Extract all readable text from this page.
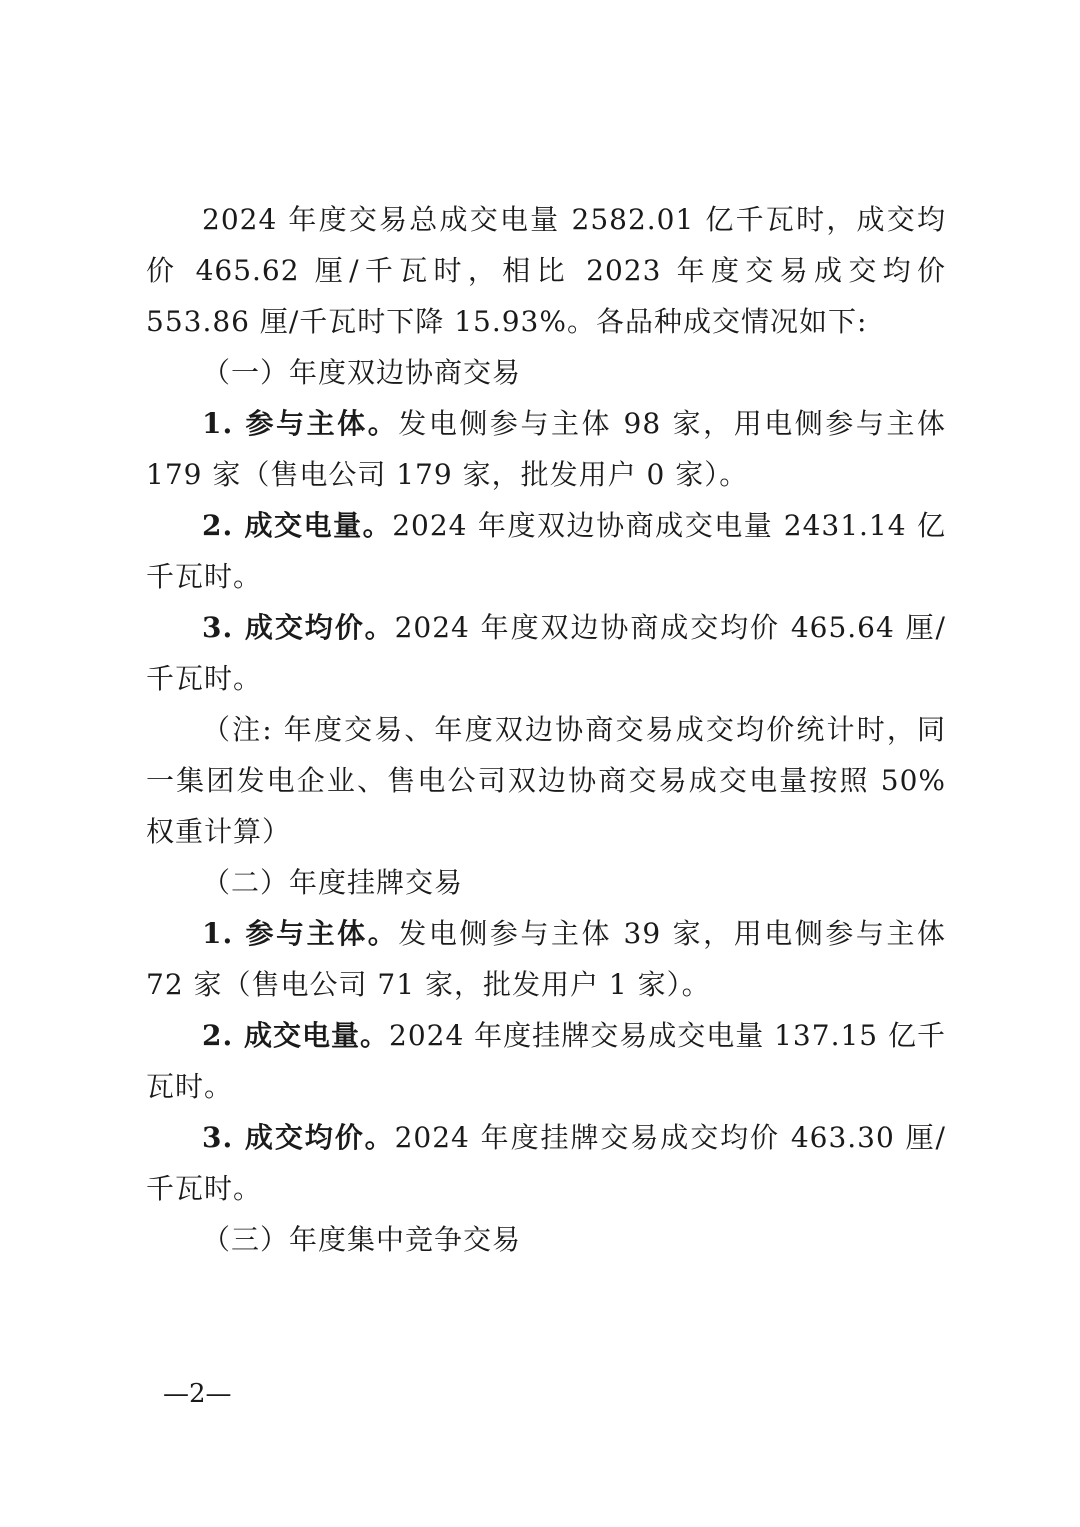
2024 年度交易总成交电量 2582.01 亿千瓦时，成交均价 465.62 厘/千瓦时，相比 2023 年度交易成交均价 553.86 厘/千瓦时下降 15.93%。各品种成交情况如下:

（一）年度双边协商交易

1. 参与主体。发电侧参与主体 98 家，用电侧参与主体 179 家（售电公司 179 家，批发用户 0 家）。

2. 成交电量。2024 年度双边协商成交电量 2431.14 亿千瓦时。

3. 成交均价。2024 年度双边协商成交均价 465.64 厘/千瓦时。

（注: 年度交易、年度双边协商交易成交均价统计时，同一集团发电企业、售电公司双边协商交易成交电量按照 50%权重计算）

（二）年度挂牌交易

1. 参与主体。发电侧参与主体 39 家，用电侧参与主体 72 家（售电公司 71 家，批发用户 1 家）。

2. 成交电量。2024 年度挂牌交易成交电量 137.15 亿千瓦时。

3. 成交均价。2024 年度挂牌交易成交均价 463.30 厘/千瓦时。

（三）年度集中竞争交易

—2—
